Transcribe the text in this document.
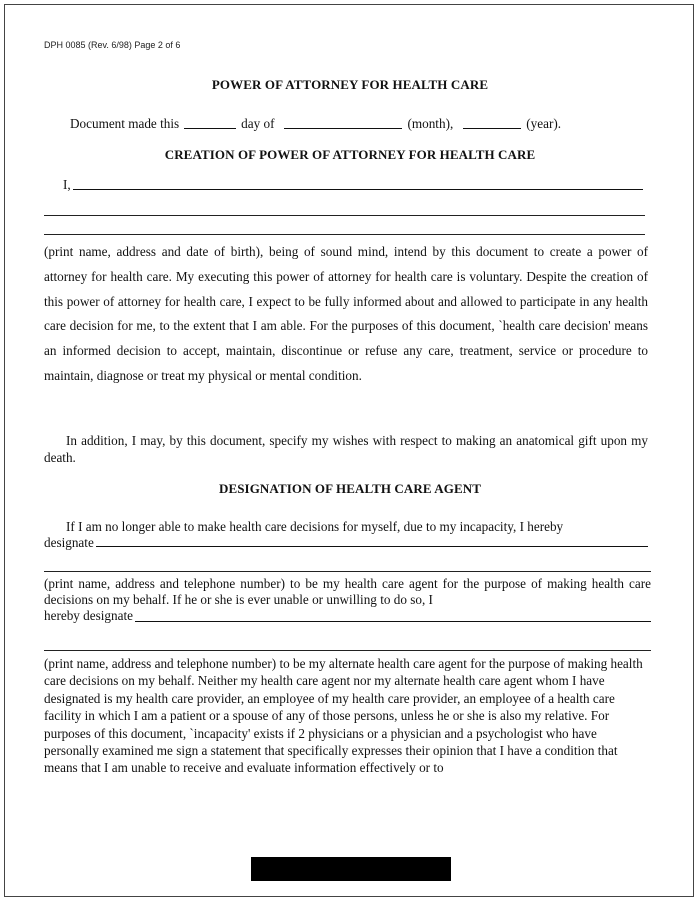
DPH 0085 (Rev. 6/98) Page 2 of 6
POWER OF ATTORNEY FOR HEALTH CARE
Document made this	day of	(month),	(year).
CREATION OF POWER OF ATTORNEY FOR HEALTH CARE
I,

(print name, address and date of birth), being of sound mind, intend by this document to create a power of attorney for health care. My executing this power of attorney for health care is voluntary. Despite the creation of this power of attorney for health care, I expect to be fully informed about and allowed to participate in any health care decision for me, to the extent that I am able. For the purposes of this document, `health care decision' means an informed decision to accept, maintain, discontinue or refuse any care, treatment, service or procedure to maintain, diagnose or treat my physical or mental condition.

In addition, I may, by this document, specify my wishes with respect to making an anatomical gift upon my death.

DESIGNATION OF HEALTH CARE AGENT

If I am no longer able to make health care decisions for myself, due to my incapacity, I hereby

designate

(print name, address and telephone number) to be my health care agent for the purpose of making health care decisions on my behalf. If he or she is ever unable or unwilling to do so, I

hereby designate

(print name, address and telephone number) to be my alternate health care agent for the purpose of making health care decisions on my behalf. Neither my health care agent nor my alternate health care agent whom I have designated is my health care provider, an employee of my health care provider, an employee of a health care facility in which I am a patient or a spouse of any of those persons, unless he or she is also my relative. For purposes of this document, `incapacity' exists if 2 physicians or a physician and a psychologist who have personally examined me sign a statement that specifically expresses their opinion that I have a condition that means that I am unable to receive and evaluate information effectively or to
